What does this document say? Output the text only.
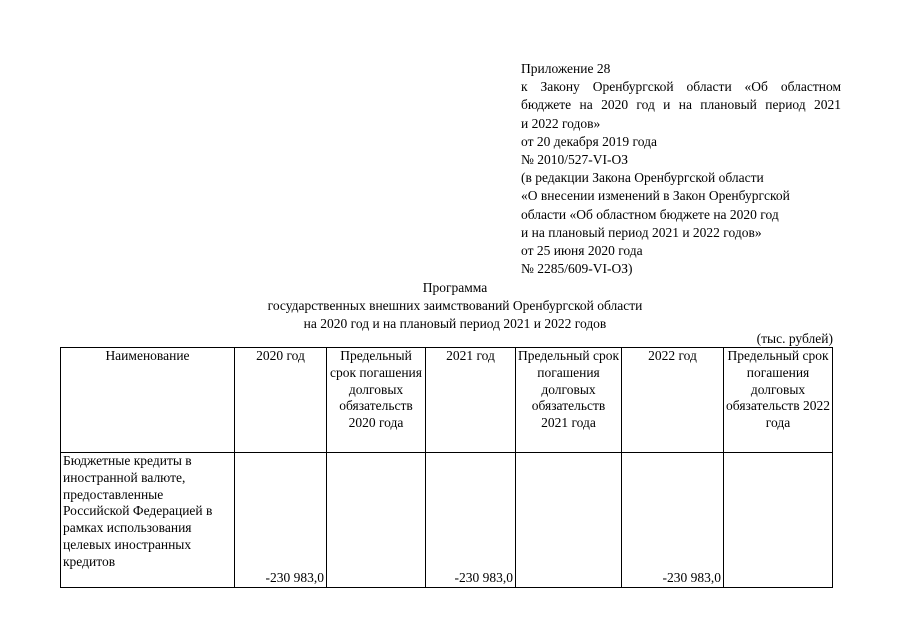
Приложение 28
к Закону Оренбургской области «Об областном
бюджете на 2020 год и на плановый период 2021
и 2022 годов»
от 20 декабря 2019 года
№ 2010/527-VI-ОЗ
(в редакции Закона Оренбургской области
«О внесении изменений в Закон Оренбургской
области «Об областном бюджете на 2020 год
и на плановый период 2021 и 2022 годов»
от 25 июня 2020 года
№ 2285/609-VI-ОЗ)
Программа
государственных внешних заимствований Оренбургской области
на 2020 год и на плановый период 2021 и 2022 годов
(тыс. рублей)
Наименование	2020 год	Предельный срок погашения долговых обязательств 2020 года	2021 год	Предельный срок погашения долговых обязательств 2021 года	2022 год	Предельный срок погашения долговых обязательств 2022 года
Бюджетные кредиты в иностранной валюте, предоставленные Российской Федерацией в рамках использования целевых иностранных кредитов	-230 983,0		-230 983,0		-230 983,0	
